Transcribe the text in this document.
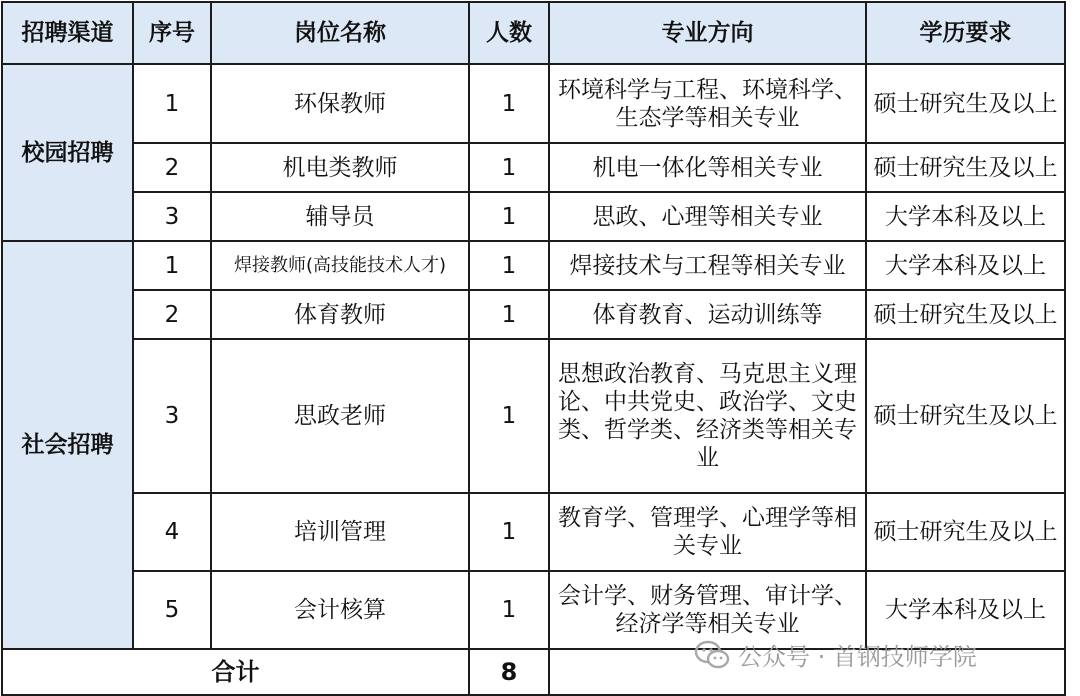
招聘渠道	序号	岗位名称	人数	专业方向	学历要求
校园招聘	1	环保教师	1	环境科学与工程、环境科学、生态学等相关专业	硕士研究生及以上
	2	机电类教师	1	机电一体化等相关专业	硕士研究生及以上
	3	辅导员	1	思政、心理等相关专业	大学本科及以上
社会招聘	1	焊接教师(高技能技术人才)	1	焊接技术与工程等相关专业	大学本科及以上
	2	体育教师	1	体育教育、运动训练等	硕士研究生及以上
	3	思政老师	1	思想政治教育、马克思主义理论、中共党史、政治学、文史类、哲学类、经济类等相关专业	硕士研究生及以上
	4	培训管理	1	教育学、管理学、心理学等相关专业	硕士研究生及以上
	5	会计核算	1	会计学、财务管理、审计学、经济学等相关专业	大学本科及以上
合计			8		
公众号 · 首钢技师学院
